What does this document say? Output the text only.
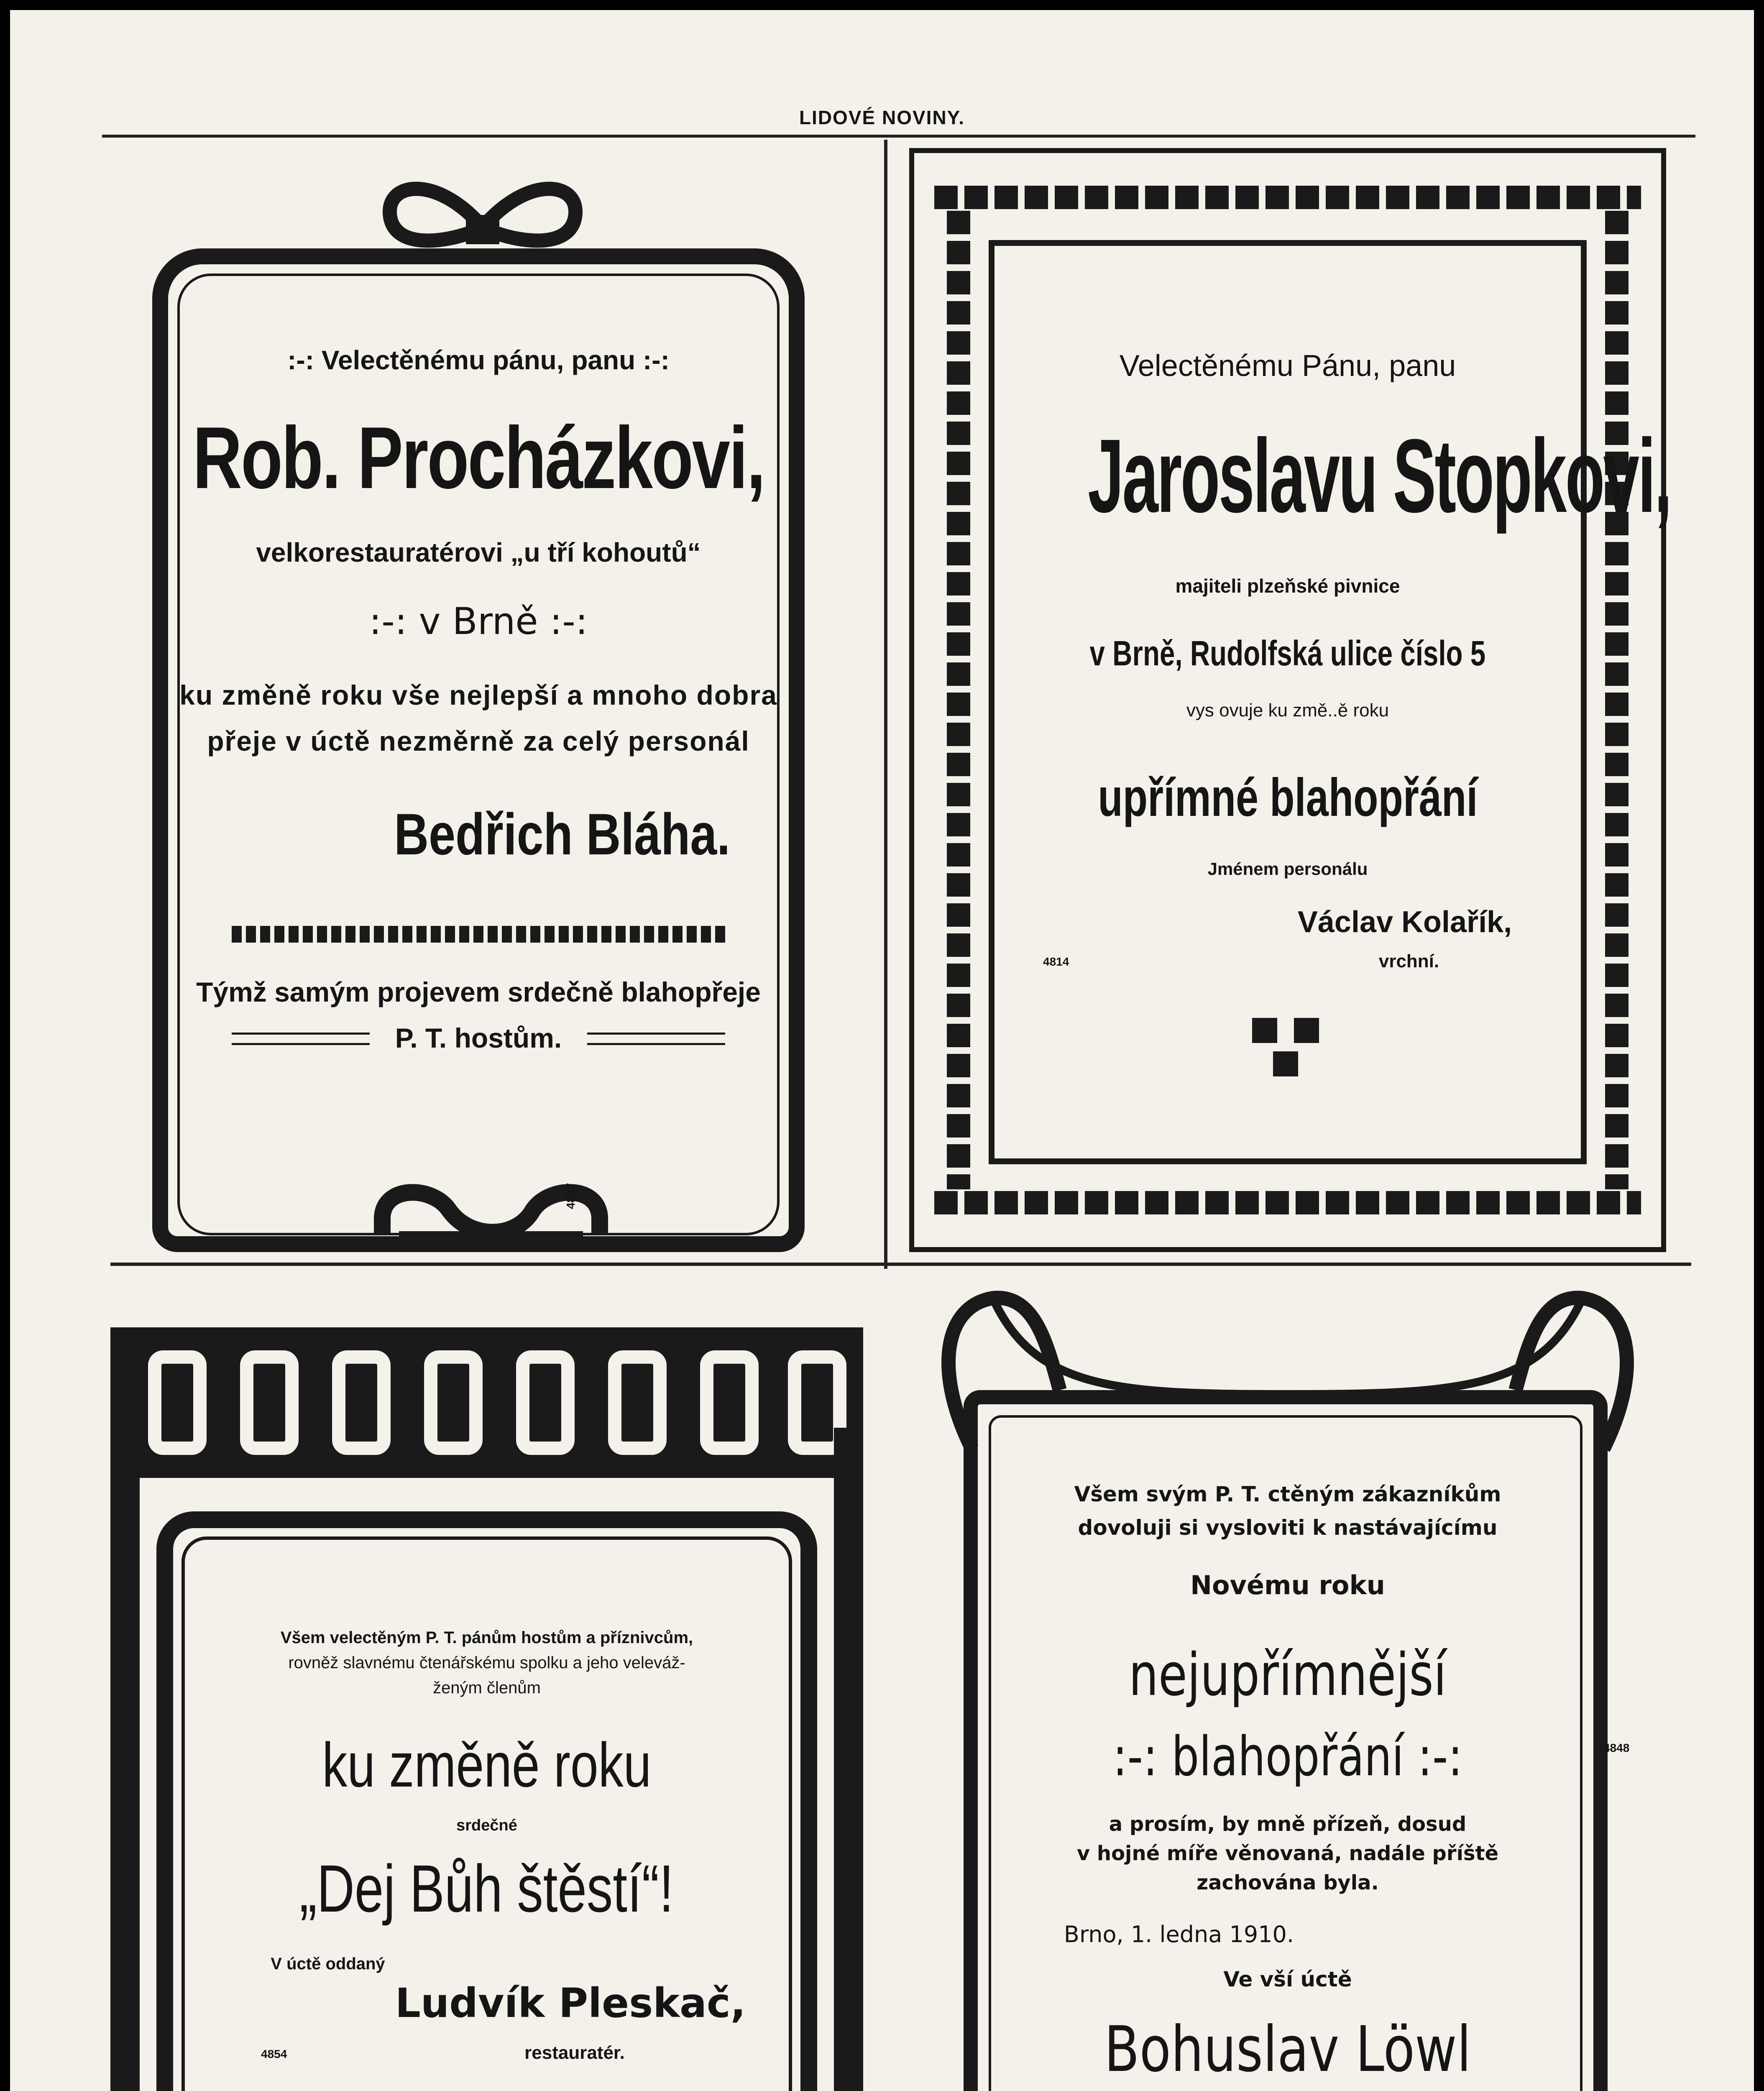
LIDOVÉ NOVINY.
:-: Velectěnému pánu, panu :-:
Rob. Procházkovi,
velkorestauratérovi „u tří kohoutů“
:-: v Brně :-:
ku změně roku vše nejlepší a mnoho dobra
přeje v úctě nezměrně za celý personál
Bedřich Bláha.
Týmž samým projevem srdečně blahopřeje
P. T. hostům.
4817
Velectěnému Pánu, panu
Jaroslavu Stopkovi,
majiteli plzeňské pivnice
v Brně, Rudolfská ulice číslo 5
vys ovuje ku změ..ě roku
upřímné blahopřání
Jménem personálu
Václav Kolařík,
4814	vrchní.
Všem velectěným P. T. pánům hostům a příznivcům,
rovněž slavnému čtenářskému spolku a jeho veleváž-
ženým členům
ku změně roku
srdečné
„Dej Bůh štěstí“!
V úctě oddaný
Ludvík Pleskač,
4854	restauratér.
Všem svým P. T. ctěným zákazníkům
dovoluji si vysloviti k nastávajícímu
Novému roku
nejupřímnější
:-: blahopřání :-:	4848
a prosím, by mně přízeň, dosud
v hojné míře věnovaná, nadále příště
zachována byla.
Brno, 1. ledna 1910.
Ve vší úctě
Bohuslav Löwl
